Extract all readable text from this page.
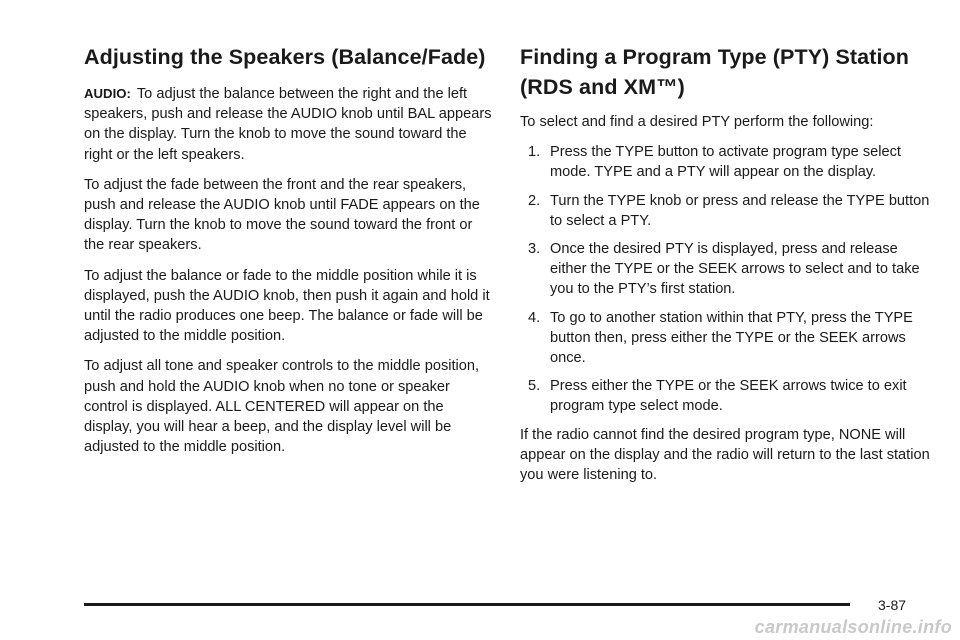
Adjusting the Speakers (Balance/Fade)

AUDIO: To adjust the balance between the right and the left speakers, push and release the AUDIO knob until BAL appears on the display. Turn the knob to move the sound toward the right or the left speakers.

To adjust the fade between the front and the rear speakers, push and release the AUDIO knob until FADE appears on the display. Turn the knob to move the sound toward the front or the rear speakers.

To adjust the balance or fade to the middle position while it is displayed, push the AUDIO knob, then push it again and hold it until the radio produces one beep. The balance or fade will be adjusted to the middle position.

To adjust all tone and speaker controls to the middle position, push and hold the AUDIO knob when no tone or speaker control is displayed. ALL CENTERED will appear on the display, you will hear a beep, and the display level will be adjusted to the middle position.

Finding a Program Type (PTY) Station (RDS and XM™)

To select and find a desired PTY perform the following:

1. Press the TYPE button to activate program type select mode. TYPE and a PTY will appear on the display.
2. Turn the TYPE knob or press and release the TYPE button to select a PTY.
3. Once the desired PTY is displayed, press and release either the TYPE or the SEEK arrows to select and to take you to the PTY’s first station.
4. To go to another station within that PTY, press the TYPE button then, press either the TYPE or the SEEK arrows once.
5. Press either the TYPE or the SEEK arrows twice to exit program type select mode.

If the radio cannot find the desired program type, NONE will appear on the display and the radio will return to the last station you were listening to.

3-87
carmanualsonline.info
